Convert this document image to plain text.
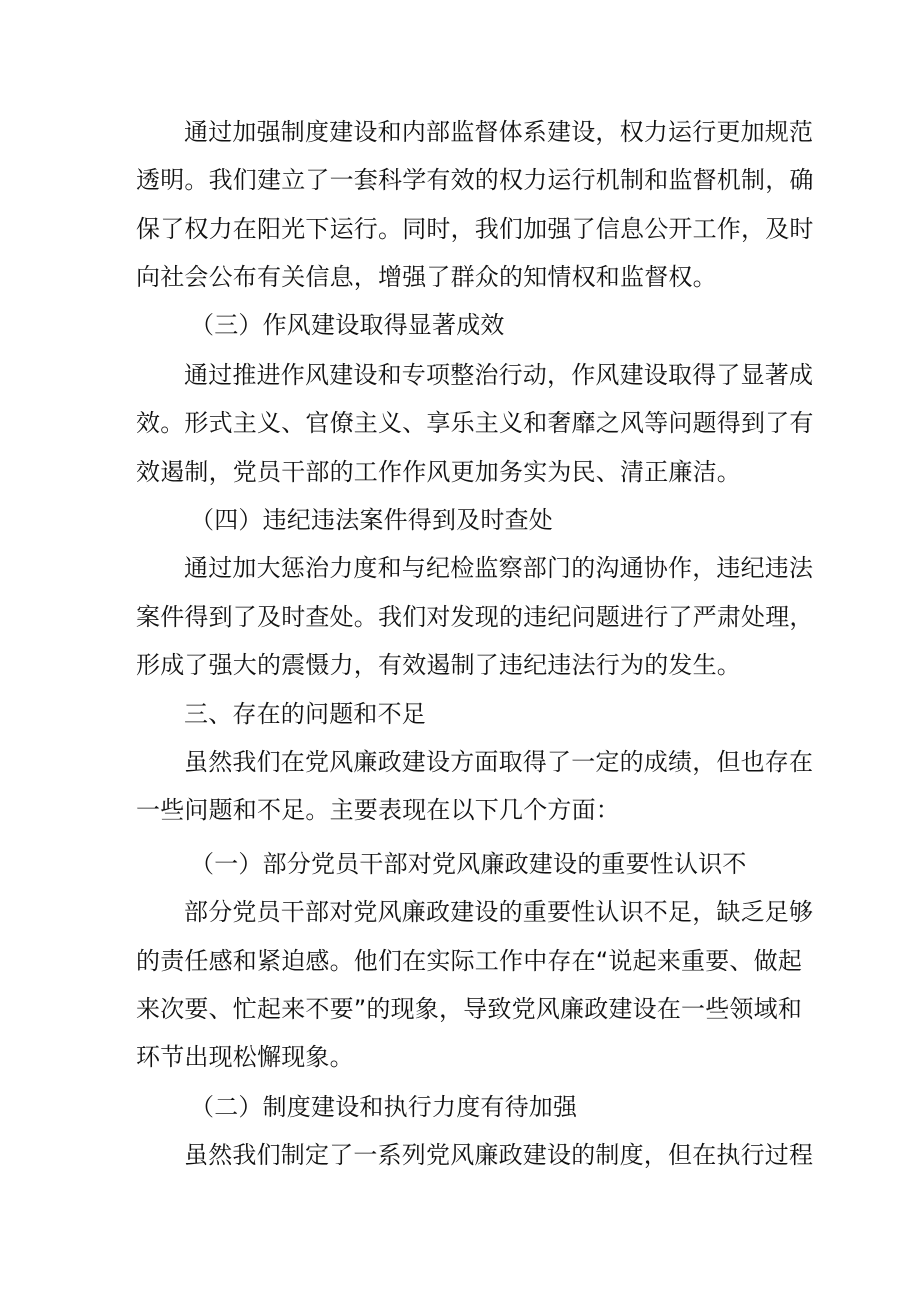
通过加强制度建设和内部监督体系建设，权力运行更加规范

透明。我们建立了一套科学有效的权力运行机制和监督机制，确

保了权力在阳光下运行。同时，我们加强了信息公开工作，及时

向社会公布有关信息，增强了群众的知情权和监督权。

（三）作风建设取得显著成效

通过推进作风建设和专项整治行动，作风建设取得了显著成

效。形式主义、官僚主义、享乐主义和奢靡之风等问题得到了有

效遏制，党员干部的工作作风更加务实为民、清正廉洁。

（四）违纪违法案件得到及时查处

通过加大惩治力度和与纪检监察部门的沟通协作，违纪违法

案件得到了及时查处。我们对发现的违纪问题进行了严肃处理，

形成了强大的震慑力，有效遏制了违纪违法行为的发生。

三、存在的问题和不足

虽然我们在党风廉政建设方面取得了一定的成绩，但也存在

一些问题和不足。主要表现在以下几个方面：

（一）部分党员干部对党风廉政建设的重要性认识不

部分党员干部对党风廉政建设的重要性认识不足，缺乏足够

的责任感和紧迫感。他们在实际工作中存在“说起来重要、做起

来次要、忙起来不要”的现象，导致党风廉政建设在一些领域和

环节出现松懈现象。

（二）制度建设和执行力度有待加强

虽然我们制定了一系列党风廉政建设的制度，但在执行过程
